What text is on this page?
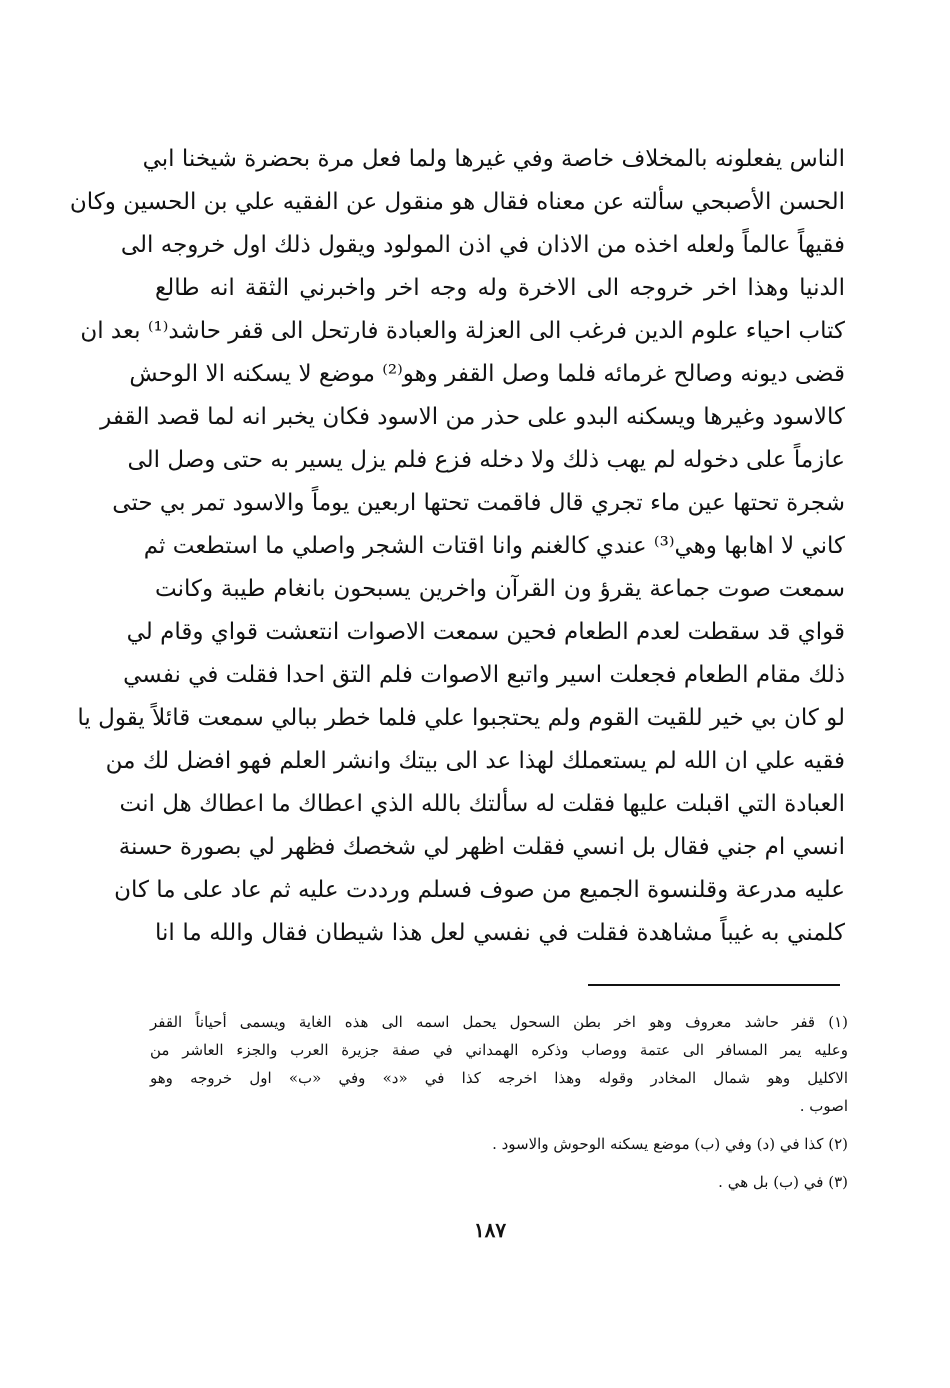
الناس يفعلونه بالمخلاف خاصة وفي غيرها ولما فعل مرة بحضرة شيخنا ابي
الحسن الأصبحي سألته عن معناه فقال هو منقول عن الفقيه علي بن الحسين وكان
فقيهاً عالماً ولعله اخذه من الاذان في اذن المولود ويقول ذلك اول خروجه الى
الدنيا وهذا اخر خروجه الى الاخرة وله وجه اخر واخبرني الثقة انه طالع
كتاب احياء علوم الدين فرغب الى العزلة والعبادة فارتحل الى قفر حاشد⁽¹⁾ بعد ان
قضى ديونه وصالح غرمائه فلما وصل القفر وهو⁽²⁾ موضع لا يسكنه الا الوحش
كالاسود وغيرها ويسكنه البدو على حذر من الاسود فكان يخبر انه لما قصد القفر
عازماً على دخوله لم يهب ذلك ولا دخله فزع فلم يزل يسير به حتى وصل الى
شجرة تحتها عين ماء تجري قال فاقمت تحتها اربعين يوماً والاسود تمر بي حتى
كاني لا اهابها وهي⁽³⁾ عندي كالغنم وانا اقتات الشجر واصلي ما استطعت ثم
سمعت صوت جماعة يقرؤ ون القرآن واخرين يسبحون بانغام طيبة وكانت
قواي قد سقطت لعدم الطعام فحين سمعت الاصوات انتعشت قواي وقام لي
ذلك مقام الطعام فجعلت اسير واتبع الاصوات فلم التق احدا فقلت في نفسي
لو كان بي خير للقيت القوم ولم يحتجبوا علي فلما خطر ببالي سمعت قائلاً يقول يا
فقيه علي ان الله لم يستعملك لهذا عد الى بيتك وانشر العلم فهو افضل لك من
العبادة التي اقبلت عليها فقلت له سألتك بالله الذي اعطاك ما اعطاك هل انت
انسي ام جني فقال بل انسي فقلت اظهر لي شخصك فظهر لي بصورة حسنة
عليه مدرعة وقلنسوة الجميع من صوف فسلم ورددت عليه ثم عاد على ما كان
كلمني به غيباً مشاهدة فقلت في نفسي لعل هذا شيطان فقال والله ما انا
(١) قفر حاشد معروف وهو اخر بطن السحول يحمل اسمه الى هذه الغاية ويسمى أحياناً القفر
وعليه يمر المسافر الى عتمة ووصاب وذكره الهمداني في صفة جزيرة العرب والجزء العاشر من
الاكليل وهو شمال المخادر وقوله وهذا اخرجه كذا في «د» وفي «ب» اول خروجه وهو
اصوب .
(٢) كذا في (د) وفي (ب) موضع يسكنه الوحوش والاسود .
(٣) في (ب) بل هي .
١٨٧
